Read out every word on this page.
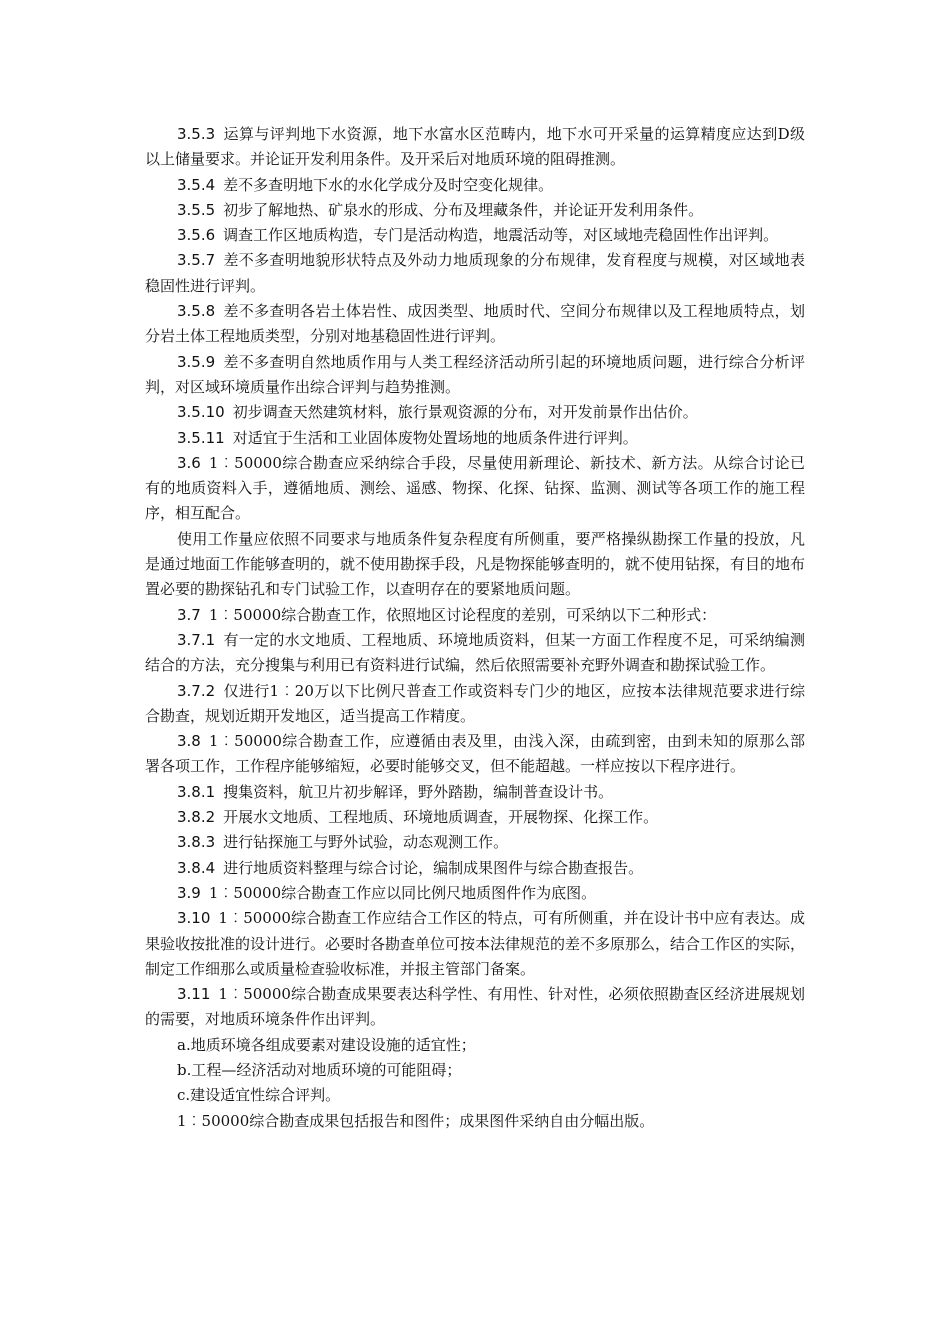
3.5.3 运算与评判地下水资源，地下水富水区范畴内，地下水可开采量的运算精度应达到D级以上储量要求。并论证开发利用条件。及开采后对地质环境的阻碍推测。

3.5.4 差不多查明地下水的水化学成分及时空变化规律。

3.5.5 初步了解地热、矿泉水的形成、分布及埋藏条件，并论证开发利用条件。

3.5.6 调查工作区地质构造，专门是活动构造，地震活动等，对区域地壳稳固性作出评判。

3.5.7 差不多查明地貌形状特点及外动力地质现象的分布规律，发育程度与规模，对区域地表稳固性进行评判。

3.5.8 差不多查明各岩土体岩性、成因类型、地质时代、空间分布规律以及工程地质特点，划分岩土体工程地质类型，分别对地基稳固性进行评判。

3.5.9 差不多查明自然地质作用与人类工程经济活动所引起的环境地质问题，进行综合分析评判，对区域环境质量作出综合评判与趋势推测。

3.5.10 初步调查天然建筑材料，旅行景观资源的分布，对开发前景作出估价。

3.5.11 对适宜于生活和工业固体废物处置场地的地质条件进行评判。

3.6 1︰50000综合勘查应采纳综合手段，尽量使用新理论、新技术、新方法。从综合讨论已有的地质资料入手，遵循地质、测绘、遥感、物探、化探、钻探、监测、测试等各项工作的施工程序，相互配合。

使用工作量应依照不同要求与地质条件复杂程度有所侧重，要严格操纵勘探工作量的投放，凡是通过地面工作能够查明的，就不使用勘探手段，凡是物探能够查明的，就不使用钻探，有目的地布置必要的勘探钻孔和专门试验工作，以查明存在的要紧地质问题。

3.7 1︰50000综合勘查工作，依照地区讨论程度的差别，可采纳以下二种形式：

3.7.1 有一定的水文地质、工程地质、环境地质资料，但某一方面工作程度不足，可采纳编测结合的方法，充分搜集与利用已有资料进行试编，然后依照需要补充野外调查和勘探试验工作。

3.7.2 仅进行1︰20万以下比例尺普查工作或资料专门少的地区，应按本法律规范要求进行综合勘查，规划近期开发地区，适当提高工作精度。

3.8 1︰50000综合勘查工作，应遵循由表及里，由浅入深，由疏到密，由到未知的原那么部署各项工作，工作程序能够缩短，必要时能够交叉，但不能超越。一样应按以下程序进行。

3.8.1 搜集资料，航卫片初步解译，野外踏勘，编制普查设计书。

3.8.2 开展水文地质、工程地质、环境地质调查，开展物探、化探工作。

3.8.3 进行钻探施工与野外试验，动态观测工作。

3.8.4 进行地质资料整理与综合讨论，编制成果图件与综合勘查报告。

3.9 1︰50000综合勘查工作应以同比例尺地质图件作为底图。

3.10 1︰50000综合勘查工作应结合工作区的特点，可有所侧重，并在设计书中应有表达。成果验收按批准的设计进行。必要时各勘查单位可按本法律规范的差不多原那么，结合工作区的实际，制定工作细那么或质量检查验收标准，并报主管部门备案。

3.11 1︰50000综合勘查成果要表达科学性、有用性、针对性，必须依照勘查区经济进展规划的需要，对地质环境条件作出评判。

a.地质环境各组成要素对建设设施的适宜性；

b.工程—经济活动对地质环境的可能阻碍；

c.建设适宜性综合评判。

1︰50000综合勘查成果包括报告和图件；成果图件采纳自由分幅出版。
